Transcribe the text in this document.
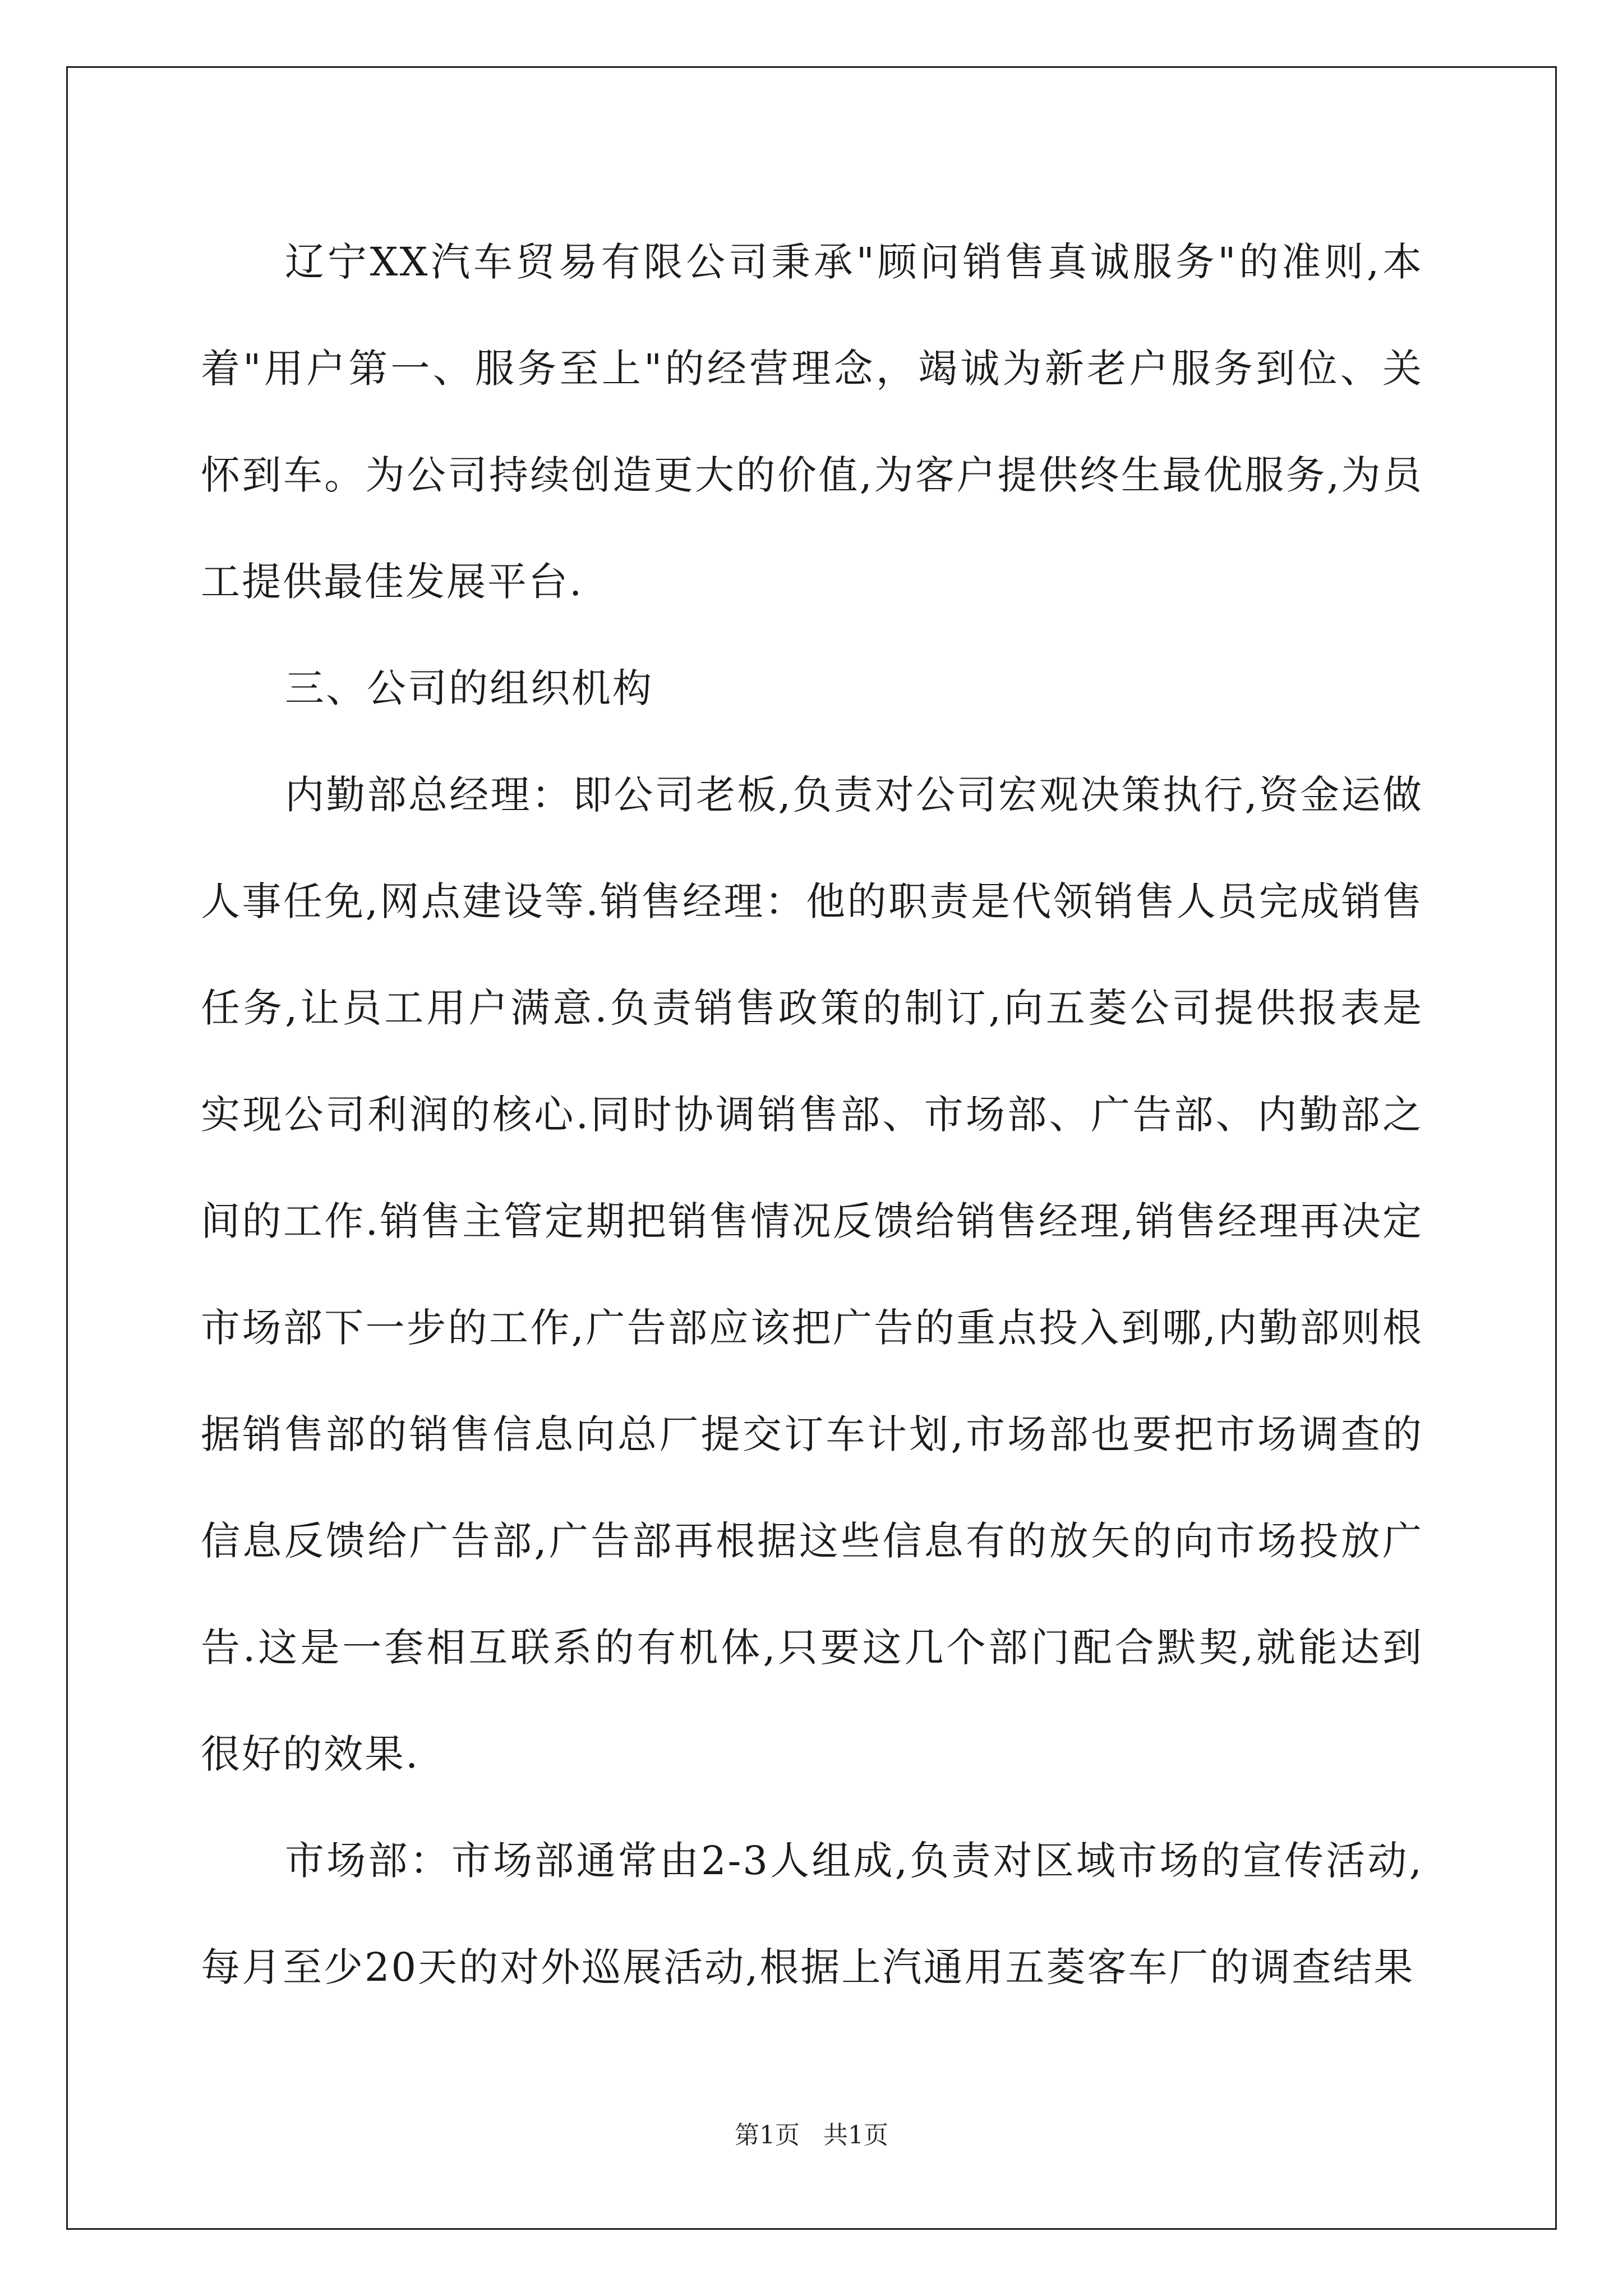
辽宁XX汽车贸易有限公司秉承"顾问销售真诚服务"的准则,本着"用户第一、服务至上"的经营理念，竭诚为新老户服务到位、关怀到车。为公司持续创造更大的价值,为客户提供终生最优服务,为员工提供最佳发展平台.

三、公司的组织机构

内勤部总经理：即公司老板,负责对公司宏观决策执行,资金运做人事任免,网点建设等.销售经理：他的职责是代领销售人员完成销售任务,让员工用户满意.负责销售政策的制订,向五菱公司提供报表是实现公司利润的核心.同时协调销售部、市场部、广告部、内勤部之间的工作.销售主管定期把销售情况反馈给销售经理,销售经理再决定市场部下一步的工作,广告部应该把广告的重点投入到哪,内勤部则根据销售部的销售信息向总厂提交订车计划,市场部也要把市场调查的信息反馈给广告部,广告部再根据这些信息有的放矢的向市场投放广告.这是一套相互联系的有机体,只要这几个部门配合默契,就能达到很好的效果.

市场部：市场部通常由2-3人组成,负责对区域市场的宣传活动,每月至少20天的对外巡展活动,根据上汽通用五菱客车厂的调查结果

第1页 共1页
